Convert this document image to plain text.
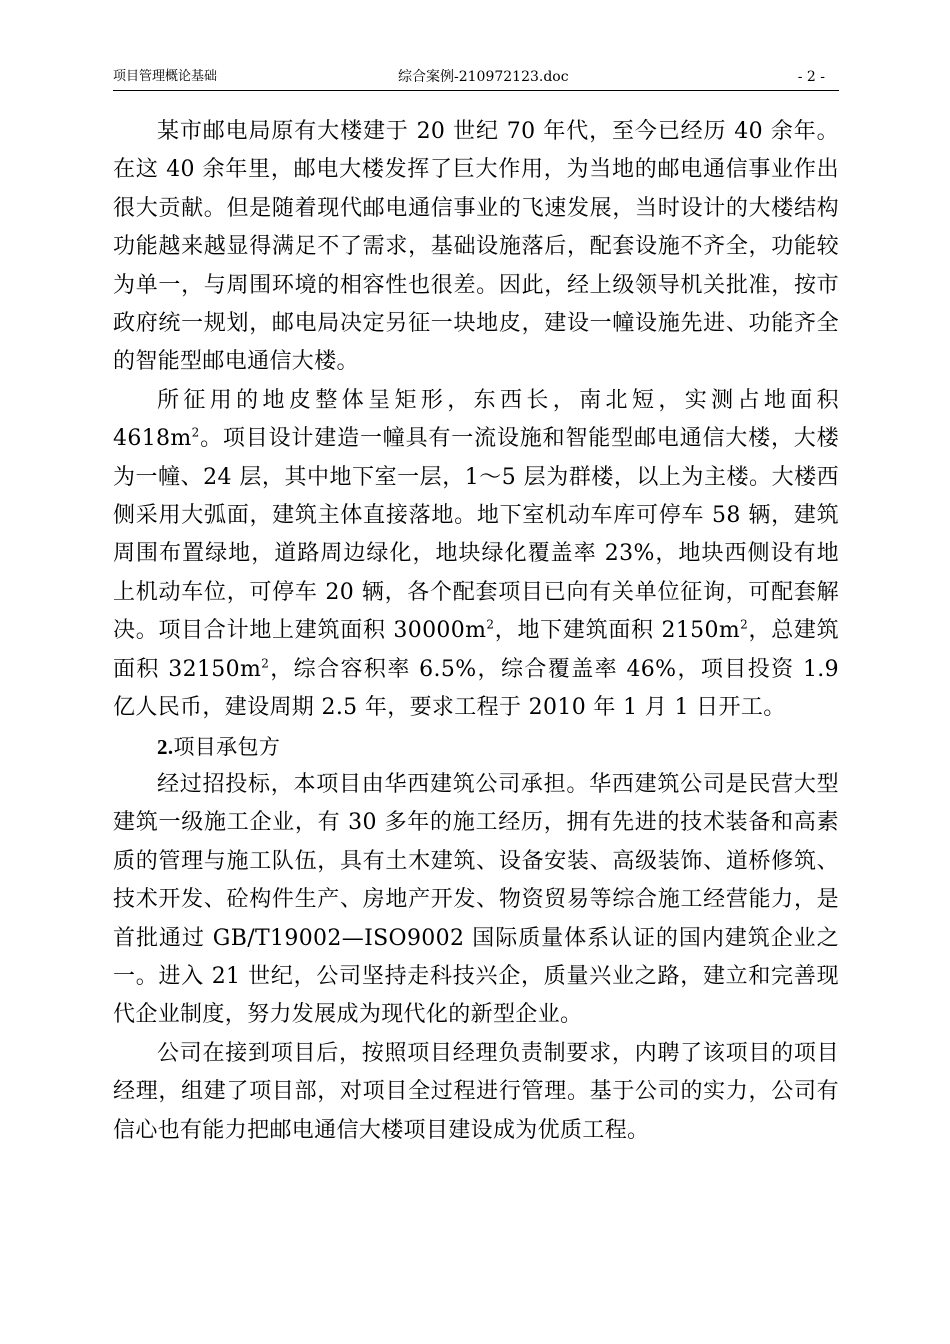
项目管理概论基础	综合案例-210972123.doc	- 2 -

某市邮电局原有大楼建于 20 世纪 70 年代，至今已经历 40 余年。在这 40 余年里，邮电大楼发挥了巨大作用，为当地的邮电通信事业作出很大贡献。但是随着现代邮电通信事业的飞速发展，当时设计的大楼结构功能越来越显得满足不了需求，基础设施落后，配套设施不齐全，功能较为单一，与周围环境的相容性也很差。因此，经上级领导机关批准，按市政府统一规划，邮电局决定另征一块地皮，建设一幢设施先进、功能齐全的智能型邮电通信大楼。

所征用的地皮整体呈矩形，东西长，南北短，实测占地面积 $4618m^2$。项目设计建造一幢具有一流设施和智能型邮电通信大楼，大楼为一幢、24 层，其中地下室一层，1～5 层为群楼，以上为主楼。大楼西侧采用大弧面，建筑主体直接落地。地下室机动车库可停车 58 辆，建筑周围布置绿地，道路周边绿化，地块绿化覆盖率 23%，地块西侧设有地上机动车位，可停车 20 辆，各个配套项目已向有关单位征询，可配套解决。项目合计地上建筑面积 $30000m^2$，地下建筑面积 $2150m^2$，总建筑面积 $32150m^2$，综合容积率 6.5%，综合覆盖率 46%，项目投资 1.9 亿人民币，建设周期 2.5 年，要求工程于 2010 年 1 月 1 日开工。

2.项目承包方

经过招投标，本项目由华西建筑公司承担。华西建筑公司是民营大型建筑一级施工企业，有 30 多年的施工经历，拥有先进的技术装备和高素质的管理与施工队伍，具有土木建筑、设备安装、高级装饰、道桥修筑、技术开发、砼构件生产、房地产开发、物资贸易等综合施工经营能力，是首批通过 GB/T19002—ISO9002 国际质量体系认证的国内建筑企业之一。进入 21 世纪，公司坚持走科技兴企，质量兴业之路，建立和完善现代企业制度，努力发展成为现代化的新型企业。

公司在接到项目后，按照项目经理负责制要求，内聘了该项目的项目经理，组建了项目部，对项目全过程进行管理。基于公司的实力，公司有信心也有能力把邮电通信大楼项目建设成为优质工程。
